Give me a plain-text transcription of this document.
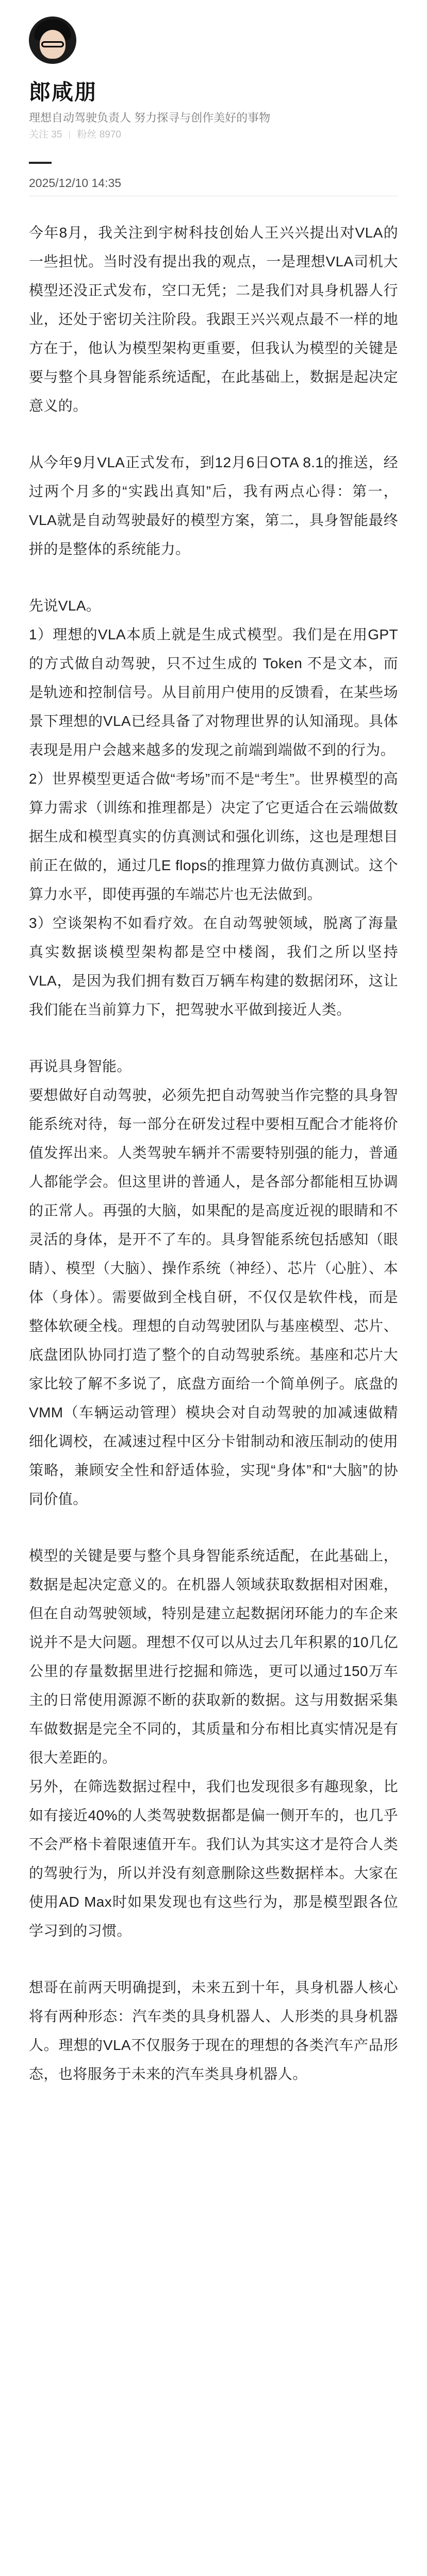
郎咸朋
理想自动驾驶负责人 努力探寻与创作美好的事物
关注 35 粉丝 8970
2025/12/10 14:35

今年8月，我关注到宇树科技创始人王兴兴提出对VLA的一些担忧。当时没有提出我的观点，一是理想VLA司机大模型还没正式发布，空口无凭；二是我们对具身机器人行业，还处于密切关注阶段。我跟王兴兴观点最不一样的地方在于，他认为模型架构更重要，但我认为模型的关键是要与整个具身智能系统适配，在此基础上，数据是起决定意义的。

从今年9月VLA正式发布，到12月6日OTA 8.1的推送，经过两个月多的“实践出真知”后，我有两点心得：第一，VLA就是自动驾驶最好的模型方案，第二，具身智能最终拼的是整体的系统能力。

先说VLA。

1）理想的VLA本质上就是生成式模型。我们是在用GPT的方式做自动驾驶，只不过生成的 Token 不是文本，而是轨迹和控制信号。从目前用户使用的反馈看，在某些场景下理想的VLA已经具备了对物理世界的认知涌现。具体表现是用户会越来越多的发现之前端到端做不到的行为。

2）世界模型更适合做“考场”而不是“考生”。世界模型的高算力需求（训练和推理都是）决定了它更适合在云端做数据生成和模型真实的仿真测试和强化训练，这也是理想目前正在做的，通过几E flops的推理算力做仿真测试。这个算力水平，即使再强的车端芯片也无法做到。

3）空谈架构不如看疗效。在自动驾驶领域，脱离了海量真实数据谈模型架构都是空中楼阁，我们之所以坚持 VLA，是因为我们拥有数百万辆车构建的数据闭环，这让我们能在当前算力下，把驾驶水平做到接近人类。

再说具身智能。

要想做好自动驾驶，必须先把自动驾驶当作完整的具身智能系统对待，每一部分在研发过程中要相互配合才能将价值发挥出来。人类驾驶车辆并不需要特别强的能力，普通人都能学会。但这里讲的普通人，是各部分都能相互协调的正常人。再强的大脑，如果配的是高度近视的眼睛和不灵活的身体，是开不了车的。具身智能系统包括感知（眼睛）、模型（大脑）、操作系统（神经）、芯片（心脏）、本体（身体）。需要做到全栈自研，不仅仅是软件栈，而是整体软硬全栈。理想的自动驾驶团队与基座模型、芯片、底盘团队协同打造了整个的自动驾驶系统。基座和芯片大家比较了解不多说了，底盘方面给一个简单例子。底盘的VMM（车辆运动管理）模块会对自动驾驶的加减速做精细化调校，在减速过程中区分卡钳制动和液压制动的使用策略，兼顾安全性和舒适体验，实现“身体”和“大脑”的协同价值。

模型的关键是要与整个具身智能系统适配，在此基础上，数据是起决定意义的。在机器人领域获取数据相对困难，但在自动驾驶领域，特别是建立起数据闭环能力的车企来说并不是大问题。理想不仅可以从过去几年积累的10几亿公里的存量数据里进行挖掘和筛选，更可以通过150万车主的日常使用源源不断的获取新的数据。这与用数据采集车做数据是完全不同的，其质量和分布相比真实情况是有很大差距的。

另外，在筛选数据过程中，我们也发现很多有趣现象，比如有接近40%的人类驾驶数据都是偏一侧开车的，也几乎不会严格卡着限速值开车。我们认为其实这才是符合人类的驾驶行为，所以并没有刻意删除这些数据样本。大家在使用AD Max时如果发现也有这些行为，那是模型跟各位学习到的习惯。

想哥在前两天明确提到，未来五到十年，具身机器人核心将有两种形态：汽车类的具身机器人、人形类的具身机器人。理想的VLA不仅服务于现在的理想的各类汽车产品形态，也将服务于未来的汽车类具身机器人。
